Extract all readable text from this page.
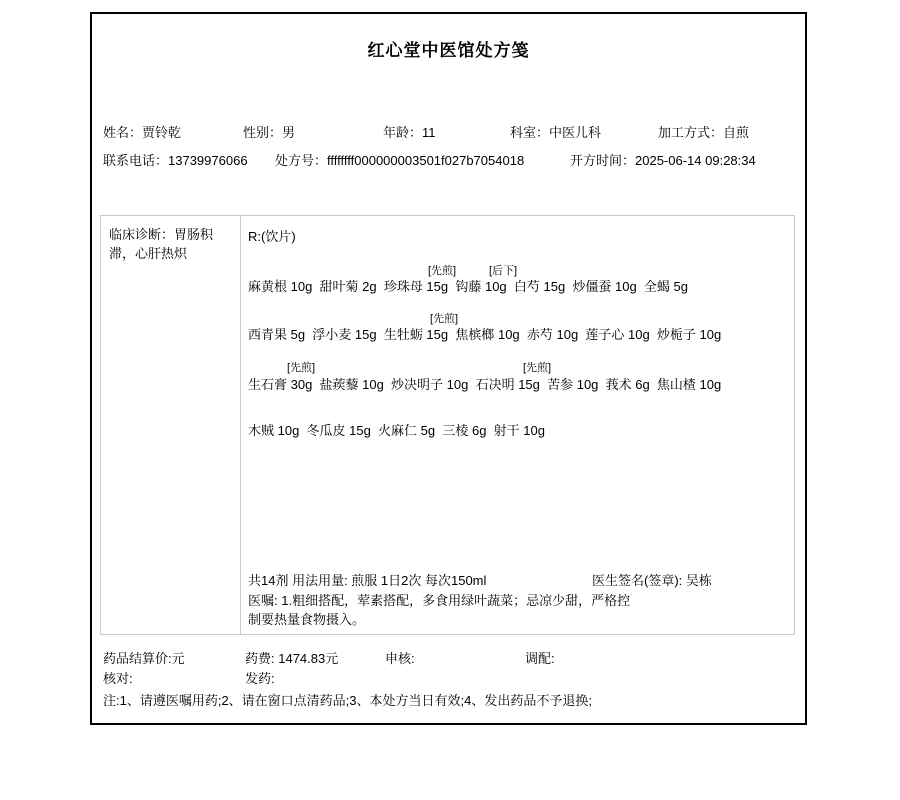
红心堂中医馆处方笺
姓名：贾铃乾	性别：男	年龄：11	科室：中医儿科	加工方式：自煎
联系电话：13739976066 处方号：ffffffff000000003501f027b7054018	开方时间：2025-06-14 09:28:34
临床诊断：胃肠积滞，心肝热炽
R:(饮片)
[先煎]	[后下]
麻黄根 10g  甜叶菊 2g  珍珠母 15g  钩藤 10g  白芍 15g  炒僵蚕 10g  全蝎 5g
[先煎]
西青果 5g  浮小麦 15g  生牡蛎 15g  焦槟榔 10g  赤芍 10g  莲子心 10g  炒栀子 10g
[先煎]	[先煎]
生石膏 30g  盐蒺藜 10g  炒决明子 10g  石决明 15g  苦参 10g  莪术 6g  焦山楂 10g
木贼 10g  冬瓜皮 15g  火麻仁 5g  三棱 6g  射干 10g
共14剂 用法用量: 煎服 1日2次 每次150ml	医生签名(签章): 吴栋
医嘱: 1.粗细搭配，荤素搭配，多食用绿叶蔬菜；忌凉少甜，严格控制要热量食物摄入。
药品结算价:元	药费: 1474.83元	申核:	调配:
核对:	发药:
注:1、请遵医嘱用药;2、请在窗口点清药品;3、本处方当日有效;4、发出药品不予退换;
